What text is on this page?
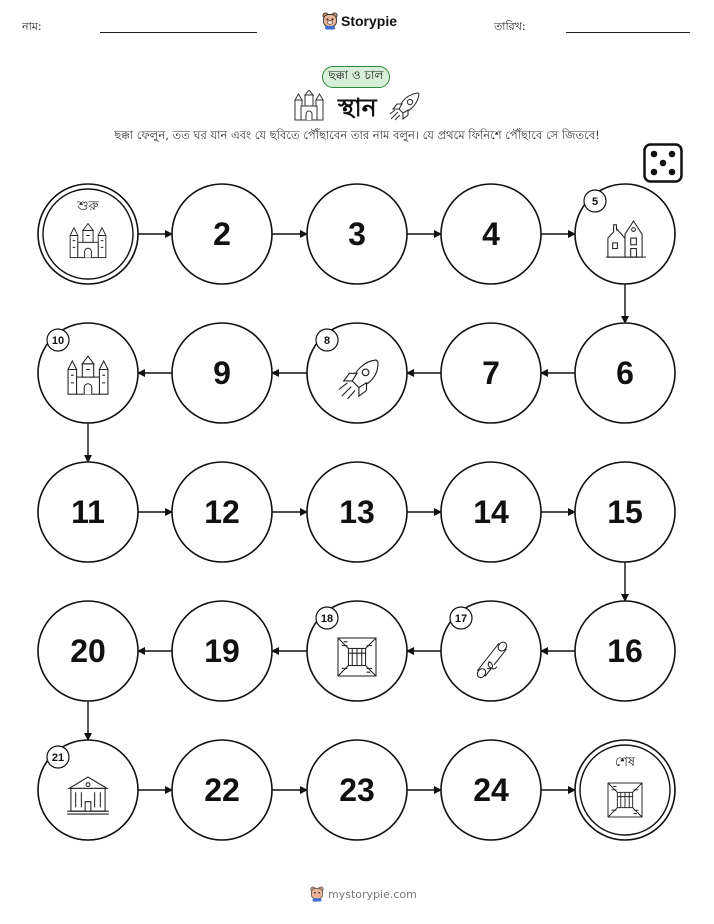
নাম:	Storypie	তারিখ:
ছক্কা ও চাল
স্থান
ছক্কা ফেলুন, তত ঘর যান এবং যে ছবিতে পৌঁছাবেন তার নাম বলুন। যে প্রথমে ফিনিশে পৌঁছাবে সে জিতবে!
শুরু
2	3	4
5
6
7
8
9
10
11	12	13	14	15
16
17
18
19
20
21
22	23	24
শেষ
mystorypie.com
